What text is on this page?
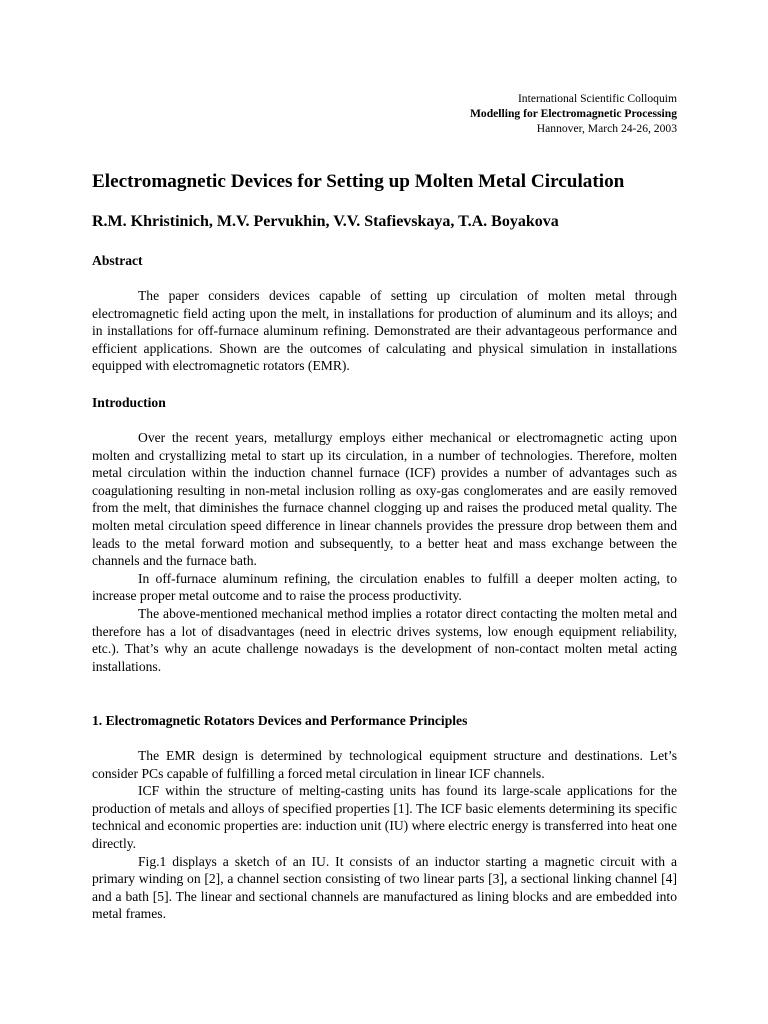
International Scientific Colloquim
Modelling for Electromagnetic Processing
Hannover, March 24-26, 2003
Electromagnetic Devices for Setting up Molten Metal Circulation
R.M. Khristinich, M.V. Pervukhin, V.V. Stafievskaya, T.A. Boyakova

Abstract

The paper considers devices capable of setting up circulation of molten metal through electromagnetic field acting upon the melt, in installations for production of aluminum and its alloys; and in installations for off-furnace aluminum refining. Demonstrated are their advantageous performance and efficient applications. Shown are the outcomes of calculating and physical simulation in installations equipped with electromagnetic rotators (EMR).

Introduction

Over the recent years, metallurgy employs either mechanical or electromagnetic acting upon molten and crystallizing metal to start up its circulation, in a number of technologies. Therefore, molten metal circulation within the induction channel furnace (ICF) provides a number of advantages such as coagulationing resulting in non-metal inclusion rolling as oxy-gas conglomerates and are easily removed from the melt, that diminishes the furnace channel clogging up and raises the produced metal quality. The molten metal circulation speed difference in linear channels provides the pressure drop between them and leads to the metal forward motion and subsequently, to a better heat and mass exchange between the channels and the furnace bath.

In off-furnace aluminum refining, the circulation enables to fulfill a deeper molten acting, to increase proper metal outcome and to raise the process productivity.

The above-mentioned mechanical method implies a rotator direct contacting the molten metal and therefore has a lot of disadvantages (need in electric drives systems, low enough equipment reliability, etc.). That’s why an acute challenge nowadays is the development of non-contact molten metal acting installations.

1. Electromagnetic Rotators Devices and Performance Principles

The EMR design is determined by technological equipment structure and destinations. Let’s consider PCs capable of fulfilling a forced metal circulation in linear ICF channels.

ICF within the structure of melting-casting units has found its large-scale applications for the production of metals and alloys of specified properties [1]. The ICF basic elements determining its specific technical and economic properties are: induction unit (IU) where electric energy is transferred into heat one directly.

Fig.1 displays a sketch of an IU. It consists of an inductor starting a magnetic circuit with a primary winding on [2], a channel section consisting of two linear parts [3], a sectional linking channel [4] and a bath [5]. The linear and sectional channels are manufactured as lining blocks and are embedded into metal frames.
